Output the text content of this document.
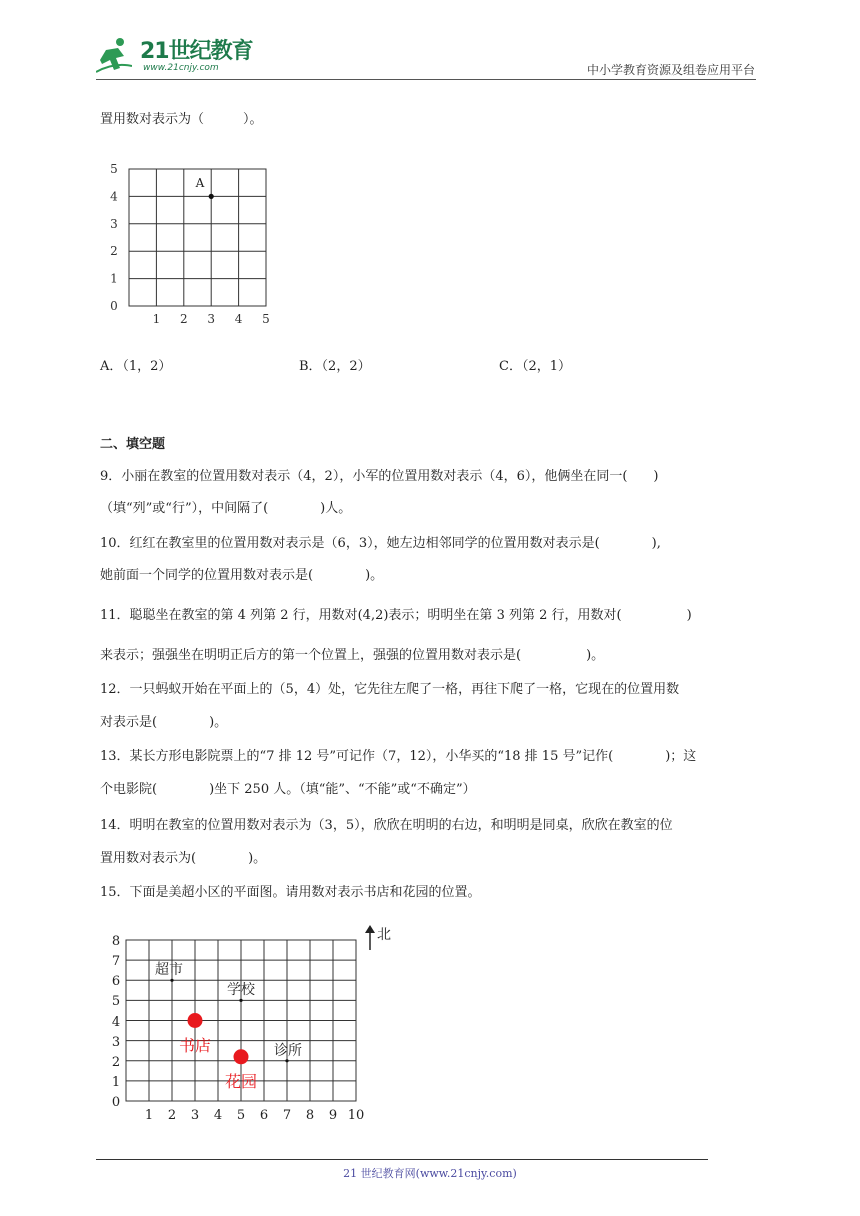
21世纪教育
www.21cnjy.com	中小学教育资源及组卷应用平台
置用数对表示为（　　　）。
1 2 3 4 5
0
1
2
3
4
5
A
A．（1，2）	B．（2，2）	C．（2，1）
二、填空题
9．小丽在教室的位置用数对表示（4，2），小军的位置用数对表示（4，6），他俩坐在同一(　　)
（填“列”或“行”），中间隔了(　　　　)人。
10．红红在教室里的位置用数对表示是（6，3），她左边相邻同学的位置用数对表示是(　　　　),
她前面一个同学的位置用数对表示是(　　　　)。
11．聪聪坐在教室的第 4 列第 2 行，用数对(4,2)表示；明明坐在第 3 列第 2 行，用数对(　　　　　)
来表示；强强坐在明明正后方的第一个位置上，强强的位置用数对表示是(　　　　　)。
12．一只蚂蚁开始在平面上的（5，4）处，它先往左爬了一格，再往下爬了一格，它现在的位置用数
对表示是(　　　　)。
13．某长方形电影院票上的“7 排 12 号”可记作（7，12），小华买的“18 排 15 号”记作(　　　　)；这
个电影院(　　　　)坐下 250 人。（填“能”、“不能”或“不确定”）
14．明明在教室的位置用数对表示为（3，5），欣欣在明明的右边，和明明是同桌，欣欣在教室的位
置用数对表示为(　　　　)。
15．下面是美超小区的平面图。请用数对表示书店和花园的位置。
1 2 3 4 5 6 7 8 9 10
0
1
2
3
4
5
6
7
8	北
超市
学校
诊所
书店
花园
21 世纪教育网(www.21cnjy.com)
